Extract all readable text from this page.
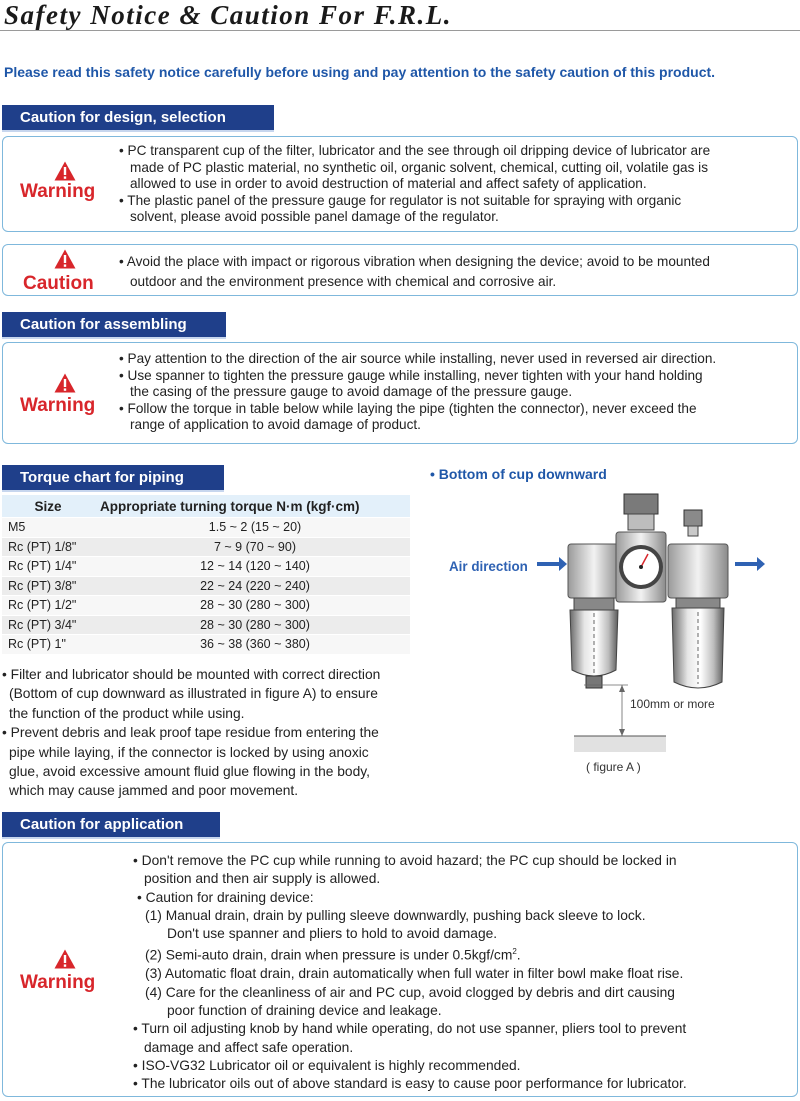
Safety Notice & Caution For F.R.L.
Please read this safety notice carefully before using and pay attention to the safety caution of this product.
Caution for design, selection
Warning

• PC transparent cup of the filter, lubricator and the see through oil dripping device of lubricator are

made of PC plastic material, no synthetic oil, organic solvent, chemical, cutting oil, volatile gas is

allowed to use in order to avoid destruction of material and affect safety of application.

• The plastic panel of the pressure gauge for regulator is not suitable for spraying with organic

solvent, please avoid possible panel damage of the regulator.

Caution

• Avoid the place with impact or rigorous vibration when designing the device; avoid to be mounted

outdoor and the environment presence with chemical and corrosive air.

Caution for assembling
Warning

• Pay attention to the direction of the air source while installing, never used in reversed air direction.

• Use spanner to tighten the pressure gauge while installing, never tighten with your hand holding

the casing of the pressure gauge to avoid damage of the pressure gauge.

• Follow the torque in table below while laying the pipe (tighten the connector), never exceed the

range of application to avoid damage of product.

Torque chart for piping
Size	Appropriate turning torque N·m (kgf·cm)
M5	1.5 ~ 2 (15 ~ 20)
Rc (PT) 1/8"	7 ~ 9 (70 ~ 90)
Rc (PT) 1/4"	12 ~ 14 (120 ~ 140)
Rc (PT) 3/8"	22 ~ 24 (220 ~ 240)
Rc (PT) 1/2"	28 ~ 30 (280 ~ 300)
Rc (PT) 3/4"	28 ~ 30 (280 ~ 300)
Rc (PT) 1"	36 ~ 38 (360 ~ 380)
• Bottom of cup downward
Air direction
100mm or more
( figure A )

• Filter and lubricator should be mounted with correct direction

(Bottom of cup downward as illustrated in figure A) to ensure

the function of the product while using.

• Prevent debris and leak proof tape residue from entering the

pipe while laying, if the connector is locked by using anoxic

glue, avoid excessive amount fluid glue flowing in the body,

which may cause jammed and poor movement.

Caution for application
Warning

• Don't remove the PC cup while running to avoid hazard; the PC cup should be locked in

position and then air supply is allowed.

• Caution for draining device:

(1) Manual drain, drain by pulling sleeve downwardly, pushing back sleeve to lock.

Don't use spanner and pliers to hold to avoid damage.

(2) Semi-auto drain, drain when pressure is under $0.5kgf/cm^2$.

(3) Automatic float drain, drain automatically when full water in filter bowl make float rise.

(4) Care for the cleanliness of air and PC cup, avoid clogged by debris and dirt causing

poor function of draining device and leakage.

• Turn oil adjusting knob by hand while operating, do not use spanner, pliers tool to prevent

damage and affect safe operation.

• ISO-VG32 Lubricator oil or equivalent is highly recommended.

• The lubricator oils out of above standard is easy to cause poor performance for lubricator.
